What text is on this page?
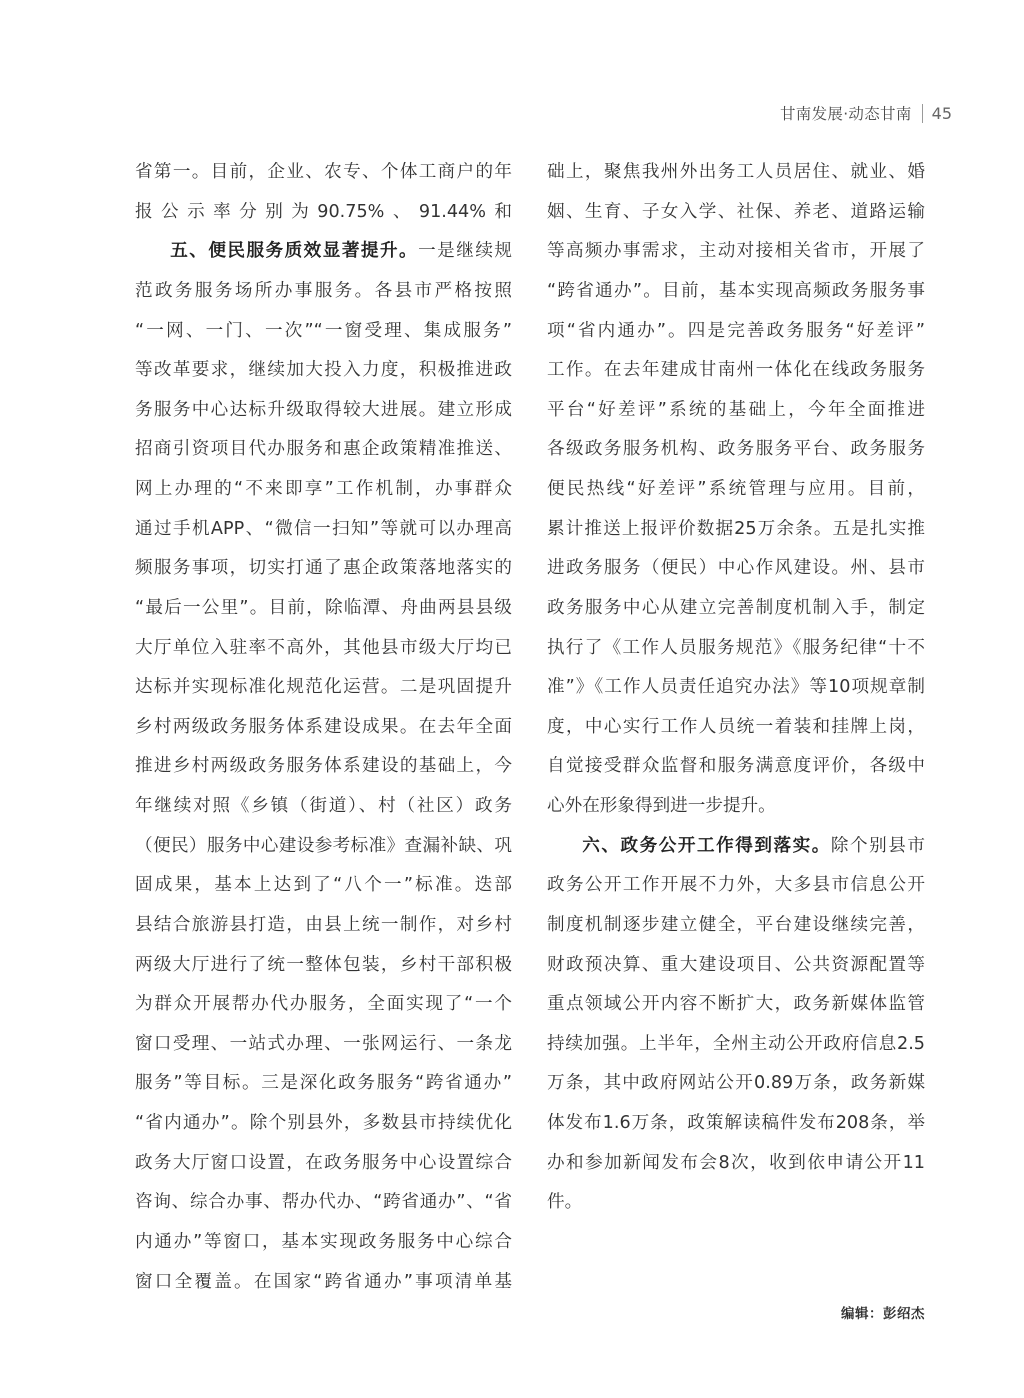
甘南发展·动态甘南 45
省第一。目前，企业、农专、个体工商户的年
报公示率分别为90.75%、91.44%和
五、便民服务质效显著提升。一是继续规
范政务服务场所办事服务。各县市严格按照
“一网、一门、一次”“一窗受理、集成服务”
等改革要求，继续加大投入力度，积极推进政
务服务中心达标升级取得较大进展。建立形成
招商引资项目代办服务和惠企政策精准推送、
网上办理的“不来即享”工作机制，办事群众
通过手机APP、“微信一扫知”等就可以办理高
频服务事项，切实打通了惠企政策落地落实的
“最后一公里”。目前，除临潭、舟曲两县县级
大厅单位入驻率不高外，其他县市级大厅均已
达标并实现标准化规范化运营。二是巩固提升
乡村两级政务服务体系建设成果。在去年全面
推进乡村两级政务服务体系建设的基础上，今
年继续对照《乡镇（街道）、村（社区）政务
（便民）服务中心建设参考标准》查漏补缺、巩
固成果，基本上达到了“八个一”标准。迭部
县结合旅游县打造，由县上统一制作，对乡村
两级大厅进行了统一整体包装，乡村干部积极
为群众开展帮办代办服务，全面实现了“一个
窗口受理、一站式办理、一张网运行、一条龙
服务”等目标。三是深化政务服务“跨省通办”
“省内通办”。除个别县外，多数县市持续优化
政务大厅窗口设置，在政务服务中心设置综合
咨询、综合办事、帮办代办、“跨省通办”、“省
内通办”等窗口，基本实现政务服务中心综合
窗口全覆盖。在国家“跨省通办”事项清单基
础上，聚焦我州外出务工人员居住、就业、婚
姻、生育、子女入学、社保、养老、道路运输
等高频办事需求，主动对接相关省市，开展了
“跨省通办”。目前，基本实现高频政务服务事
项“省内通办”。四是完善政务服务“好差评”
工作。在去年建成甘南州一体化在线政务服务
平台“好差评”系统的基础上，今年全面推进
各级政务服务机构、政务服务平台、政务服务
便民热线“好差评”系统管理与应用。目前，
累计推送上报评价数据25万余条。五是扎实推
进政务服务（便民）中心作风建设。州、县市
政务服务中心从建立完善制度机制入手，制定
执行了《工作人员服务规范》《服务纪律“十不
准”》《工作人员责任追究办法》等10项规章制
度，中心实行工作人员统一着装和挂牌上岗，
自觉接受群众监督和服务满意度评价，各级中
心外在形象得到进一步提升。
六、政务公开工作得到落实。除个别县市
政务公开工作开展不力外，大多县市信息公开
制度机制逐步建立健全，平台建设继续完善，
财政预决算、重大建设项目、公共资源配置等
重点领域公开内容不断扩大，政务新媒体监管
持续加强。上半年，全州主动公开政府信息2.5
万条，其中政府网站公开0.89万条，政务新媒
体发布1.6万条，政策解读稿件发布208条，举
办和参加新闻发布会8次，收到依申请公开11
件。
编辑：彭绍杰
